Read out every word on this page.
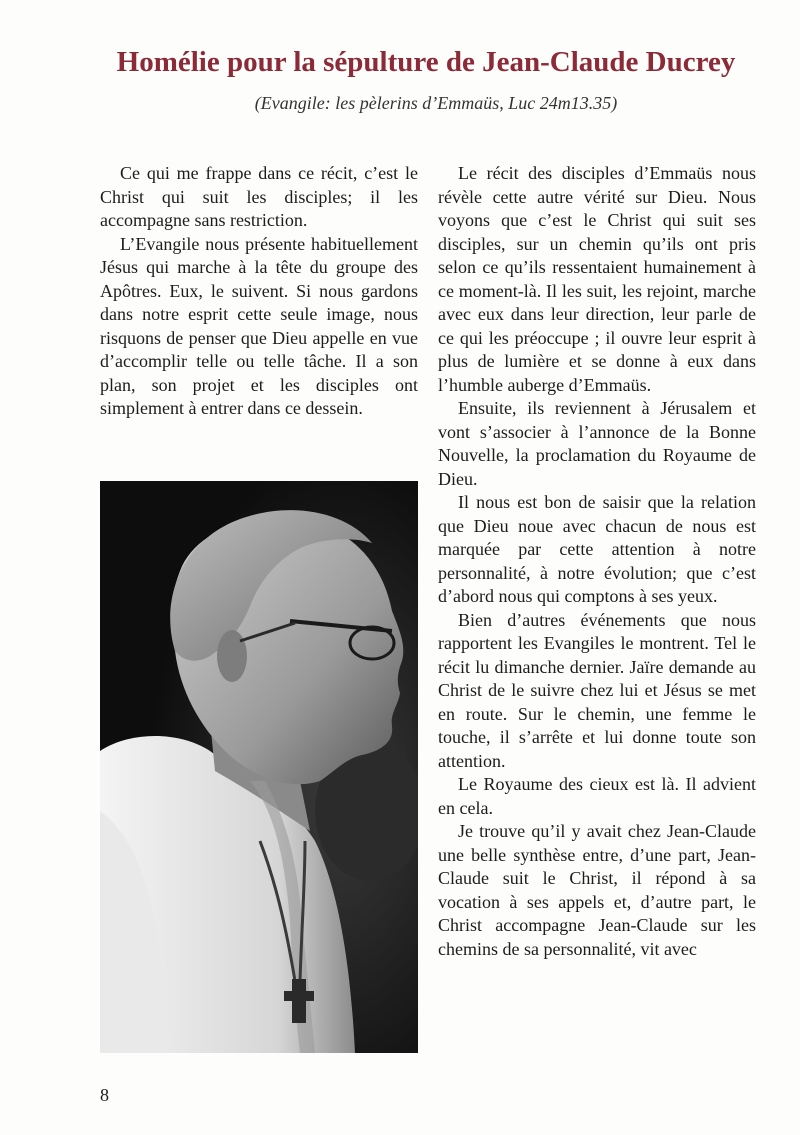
Homélie pour la sépulture de Jean-Claude Ducrey
(Evangile: les pèlerins d’Emmaüs, Luc 24m13.35)

Ce qui me frappe dans ce récit, c’est le Christ qui suit les disciples; il les accompagne sans restriction.

L’Evangile nous présente habituellement Jésus qui marche à la tête du groupe des Apôtres. Eux, le suivent. Si nous gardons dans notre esprit cette seule image, nous risquons de penser que Dieu appelle en vue d’accomplir telle ou telle tâche. Il a son plan, son projet et les disciples ont simplement à entrer dans ce dessein.

Le récit des disciples d’Emmaüs nous révèle cette autre vérité sur Dieu. Nous voyons que c’est le Christ qui suit ses disciples, sur un chemin qu’ils ont pris selon ce qu’ils ressentaient humainement à ce moment-là. Il les suit, les rejoint, marche avec eux dans leur direction, leur parle de ce qui les préoccupe ; il ouvre leur esprit à plus de lumière et se donne à eux dans l’humble auberge d’Emmaüs.

Ensuite, ils reviennent à Jérusalem et vont s’associer à l’annonce de la Bonne Nouvelle, la proclamation du Royaume de Dieu.

Il nous est bon de saisir que la relation que Dieu noue avec chacun de nous est marquée par cette attention à notre personnalité, à notre évolution; que c’est d’abord nous qui comptons à ses yeux.

Bien d’autres événements que nous rapportent les Evangiles le montrent. Tel le récit lu dimanche dernier. Jaïre demande au Christ de le suivre chez lui et Jésus se met en route. Sur le chemin, une femme le touche, il s’arrête et lui donne toute son attention.

Le Royaume des cieux est là. Il advient en cela.

Je trouve qu’il y avait chez Jean-Claude une belle synthèse entre, d’une part, Jean-Claude suit le Christ, il répond à sa vocation à ses appels et, d’autre part, le Christ accompagne Jean-Claude sur les chemins de sa personnalité, vit avec

8
